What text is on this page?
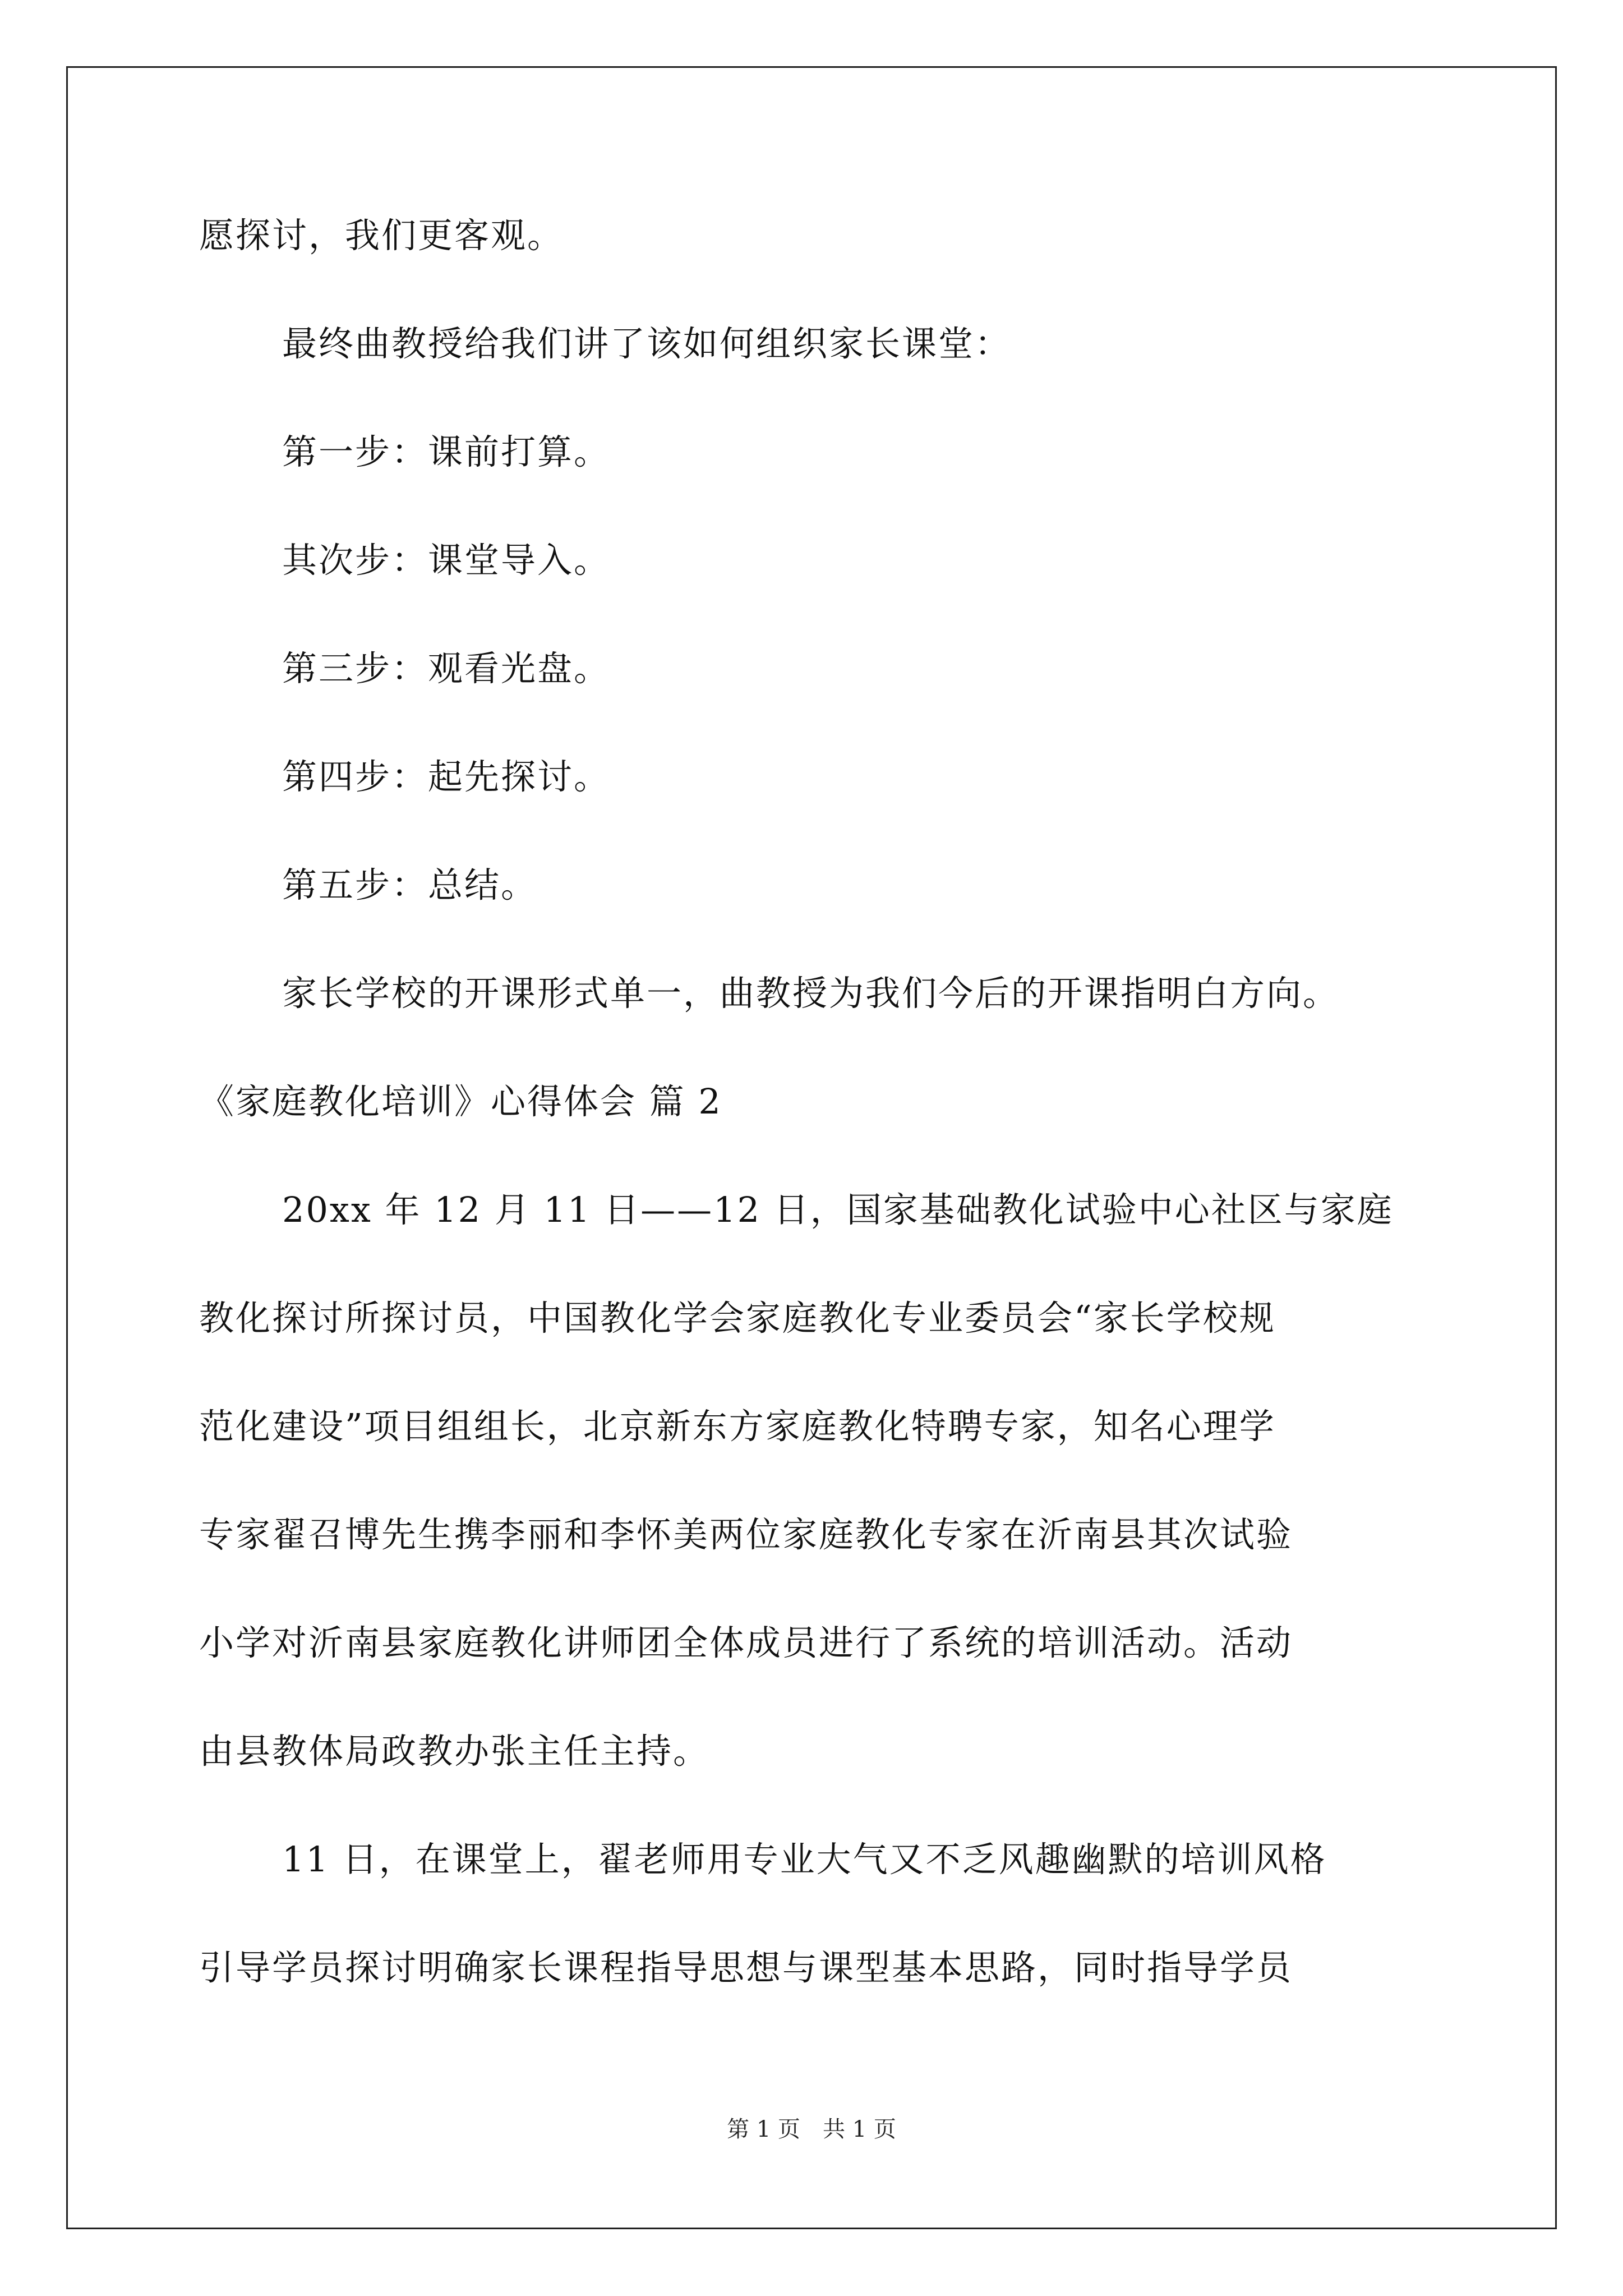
愿探讨，我们更客观。
最终曲教授给我们讲了该如何组织家长课堂：
第一步：课前打算。
其次步：课堂导入。
第三步：观看光盘。
第四步：起先探讨。
第五步：总结。
家长学校的开课形式单一，曲教授为我们今后的开课指明白方向。
《家庭教化培训》心得体会 篇 2
20xx 年 12 月 11 日——12 日，国家基础教化试验中心社区与家庭
教化探讨所探讨员，中国教化学会家庭教化专业委员会“家长学校规
范化建设”项目组组长，北京新东方家庭教化特聘专家，知名心理学
专家翟召博先生携李丽和李怀美两位家庭教化专家在沂南县其次试验
小学对沂南县家庭教化讲师团全体成员进行了系统的培训活动。活动
由县教体局政教办张主任主持。
11 日，在课堂上，翟老师用专业大气又不乏风趣幽默的培训风格
引导学员探讨明确家长课程指导思想与课型基本思路，同时指导学员
第 1 页　共 1 页
